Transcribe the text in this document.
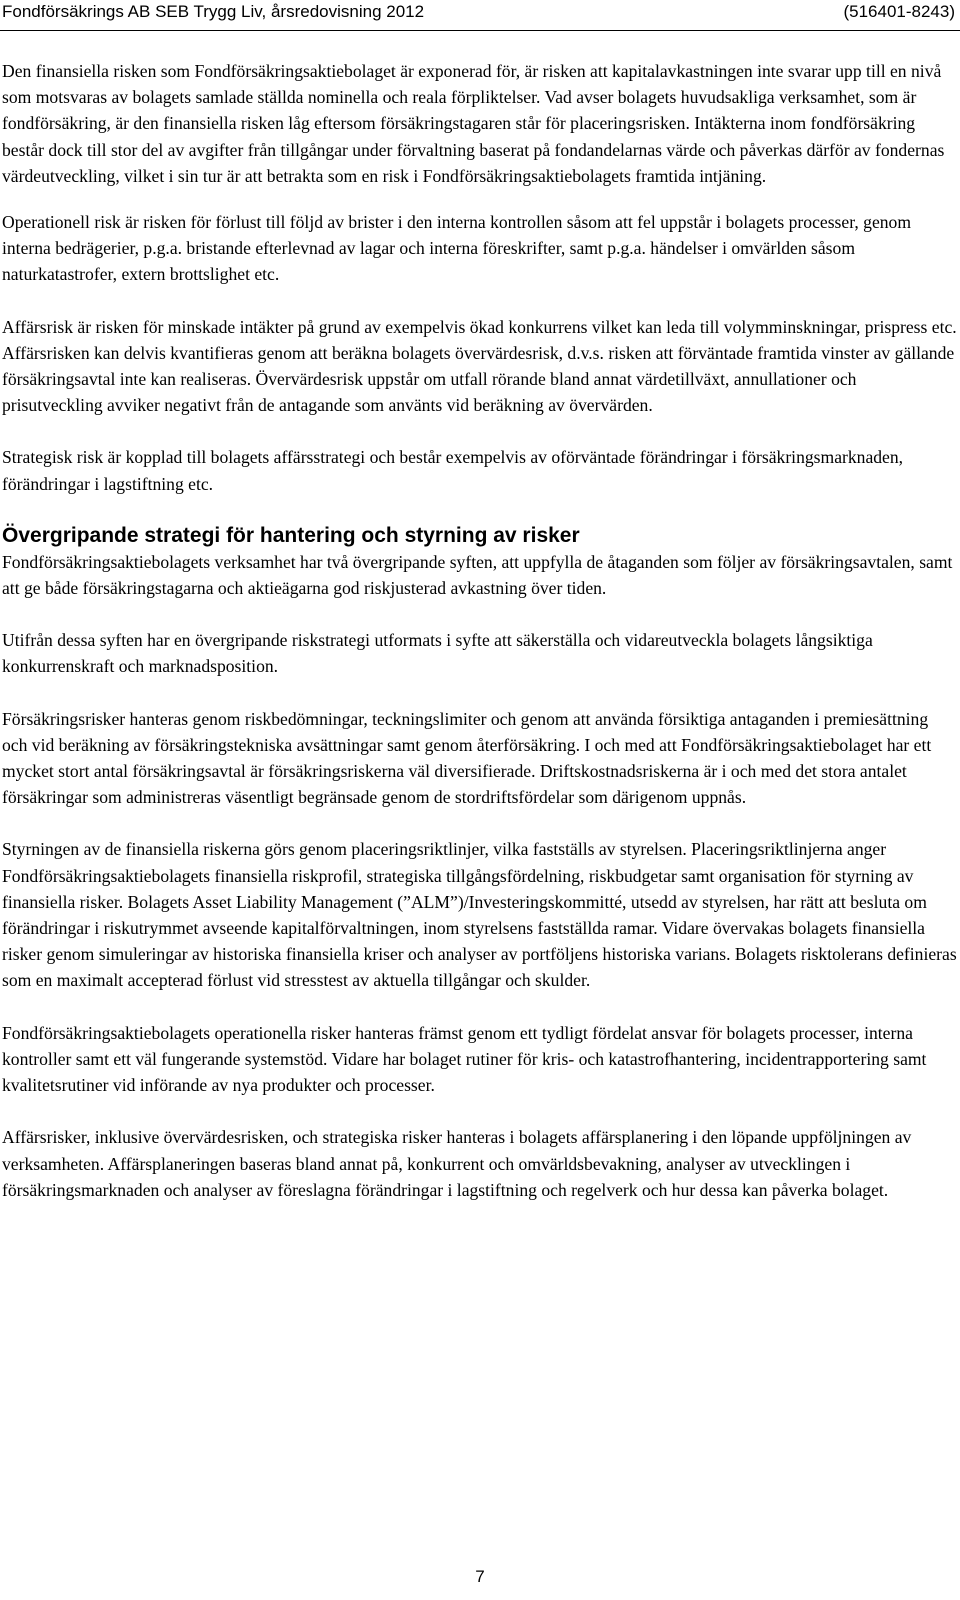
Fondförsäkrings AB SEB Trygg Liv, årsredovisning 2012	(516401-8243)

Den finansiella risken som Fondförsäkringsaktiebolaget är exponerad för, är risken att kapitalavkastningen inte svarar upp till en nivå som motsvaras av bolagets samlade ställda nominella och reala förpliktelser. Vad avser bolagets huvudsakliga verksamhet, som är fondförsäkring, är den finansiella risken låg eftersom försäkringstagaren står för placeringsrisken. Intäkterna inom fondförsäkring består dock till stor del av avgifter från tillgångar under förvaltning baserat på fondandelarnas värde och påverkas därför av fondernas värdeutveckling, vilket i sin tur är att betrakta som en risk i Fondförsäkringsaktiebolagets framtida intjäning.

Operationell risk är risken för förlust till följd av brister i den interna kontrollen såsom att fel uppstår i bolagets processer, genom interna bedrägerier, p.g.a. bristande efterlevnad av lagar och interna föreskrifter, samt p.g.a. händelser i omvärlden såsom naturkatastrofer, extern brottslighet etc.

Affärsrisk är risken för minskade intäkter på grund av exempelvis ökad konkurrens vilket kan leda till volymminskningar, prispress etc. Affärsrisken kan delvis kvantifieras genom att beräkna bolagets övervärdesrisk, d.v.s. risken att förväntade framtida vinster av gällande försäkringsavtal inte kan realiseras. Övervärdesrisk uppstår om utfall rörande bland annat värdetillväxt, annullationer och prisutveckling avviker negativt från de antagande som använts vid beräkning av övervärden.

Strategisk risk är kopplad till bolagets affärsstrategi och består exempelvis av oförväntade förändringar i försäkringsmarknaden, förändringar i lagstiftning etc.

Övergripande strategi för hantering och styrning av risker

Fondförsäkringsaktiebolagets verksamhet har två övergripande syften, att uppfylla de åtaganden som följer av försäkringsavtalen, samt att ge både försäkringstagarna och aktieägarna god riskjusterad avkastning över tiden.

Utifrån dessa syften har en övergripande riskstrategi utformats i syfte att säkerställa och vidareutveckla bolagets långsiktiga konkurrenskraft och marknadsposition.

Försäkringsrisker hanteras genom riskbedömningar, teckningslimiter och genom att använda försiktiga antaganden i premiesättning och vid beräkning av försäkringstekniska avsättningar samt genom återförsäkring. I och med att Fondförsäkringsaktiebolaget har ett mycket stort antal försäkringsavtal är försäkringsriskerna väl diversifierade. Driftskostnadsriskerna är i och med det stora antalet försäkringar som administreras väsentligt begränsade genom de stordriftsfördelar som därigenom uppnås.

Styrningen av de finansiella riskerna görs genom placeringsriktlinjer, vilka fastställs av styrelsen. Placeringsriktlinjerna anger Fondförsäkringsaktiebolagets finansiella riskprofil, strategiska tillgångsfördelning, riskbudgetar samt organisation för styrning av finansiella risker. Bolagets Asset Liability Management (”ALM”)/Investeringskommitté, utsedd av styrelsen, har rätt att besluta om förändringar i riskutrymmet avseende kapitalförvaltningen, inom styrelsens fastställda ramar. Vidare övervakas bolagets finansiella risker genom simuleringar av historiska finansiella kriser och analyser av portföljens historiska varians. Bolagets risktolerans definieras som en maximalt accepterad förlust vid stresstest av aktuella tillgångar och skulder.

Fondförsäkringsaktiebolagets operationella risker hanteras främst genom ett tydligt fördelat ansvar för bolagets processer, interna kontroller samt ett väl fungerande systemstöd. Vidare har bolaget rutiner för kris- och katastrofhantering, incidentrapportering samt kvalitetsrutiner vid införande av nya produkter och processer.

Affärsrisker, inklusive övervärdesrisken, och strategiska risker hanteras i bolagets affärsplanering i den löpande uppföljningen av verksamheten. Affärsplaneringen baseras bland annat på, konkurrent och omvärldsbevakning, analyser av utvecklingen i försäkringsmarknaden och analyser av föreslagna förändringar i lagstiftning och regelverk och hur dessa kan påverka bolaget.

7
